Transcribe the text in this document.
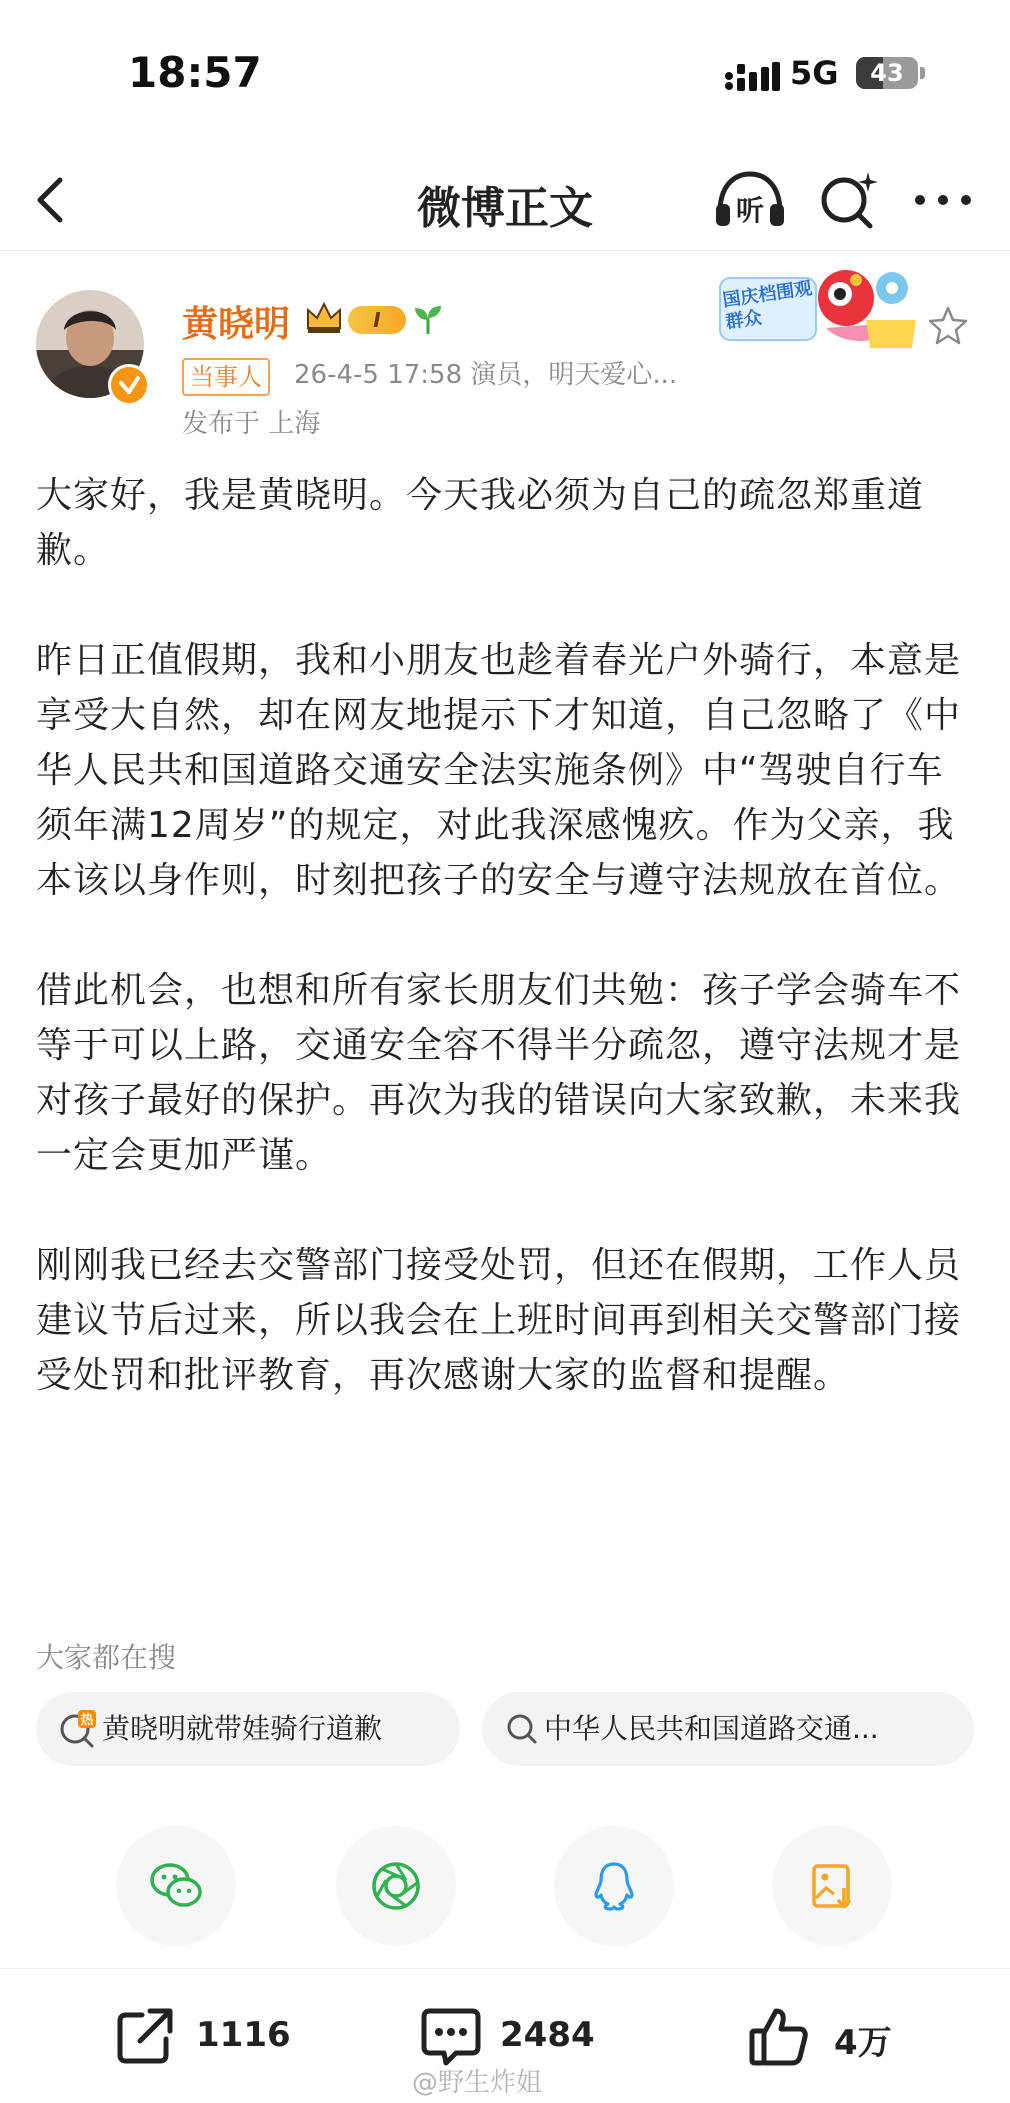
18:57	5G	43
微博正文	听
黄晓明	I
当事人	26-4-5 17:58 演员，明天爱心...
发布于 上海
国庆档围观群众

大家好，我是黄晓明。今天我必须为自己的疏忽郑重道歉。

昨日正值假期，我和小朋友也趁着春光户外骑行，本意是享受大自然，却在网友地提示下才知道，自己忽略了《中华人民共和国道路交通安全法实施条例》中“驾驶自行车须年满12周岁”的规定，对此我深感愧疚。作为父亲，我本该以身作则，时刻把孩子的安全与遵守法规放在首位。

借此机会，也想和所有家长朋友们共勉：孩子学会骑车不等于可以上路，交通安全容不得半分疏忽，遵守法规才是对孩子最好的保护。再次为我的错误向大家致歉，未来我一定会更加严谨。

刚刚我已经去交警部门接受处罚，但还在假期，工作人员建议节后过来，所以我会在上班时间再到相关交警部门接受处罚和批评教育，再次感谢大家的监督和提醒。

大家都在搜
热 黄晓明就带娃骑行道歉	中华人民共和国道路交通...
1116	2484	4万
@野生炸姐
